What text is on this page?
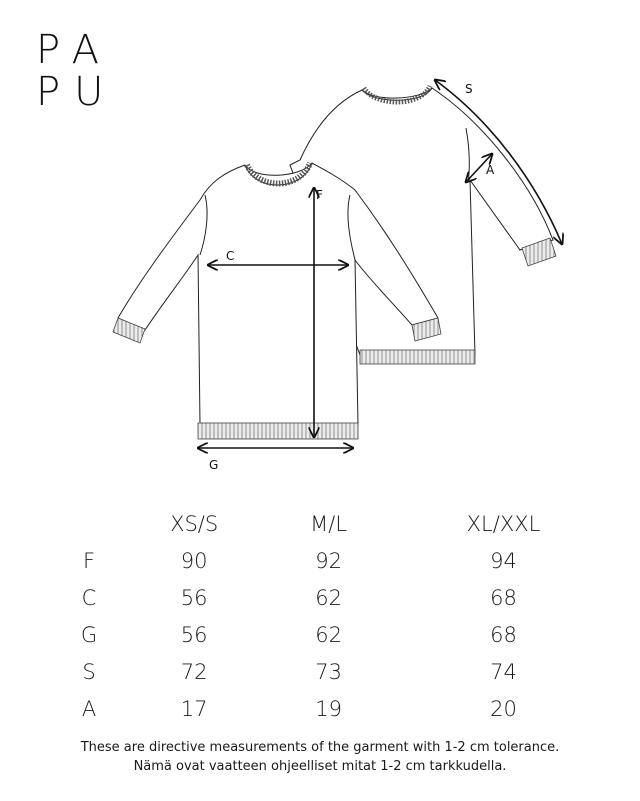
PA
PU
F
C
G
S
A
	XS/S	M/L	XL/XXL
F	90	92	94
C	56	62	68
G	56	62	68
S	72	73	74
A	17	19	20
These are directive measurements of the garment with 1-2 cm tolerance.
Nämä ovat vaatteen ohjeelliset mitat 1-2 cm tarkkudella.
